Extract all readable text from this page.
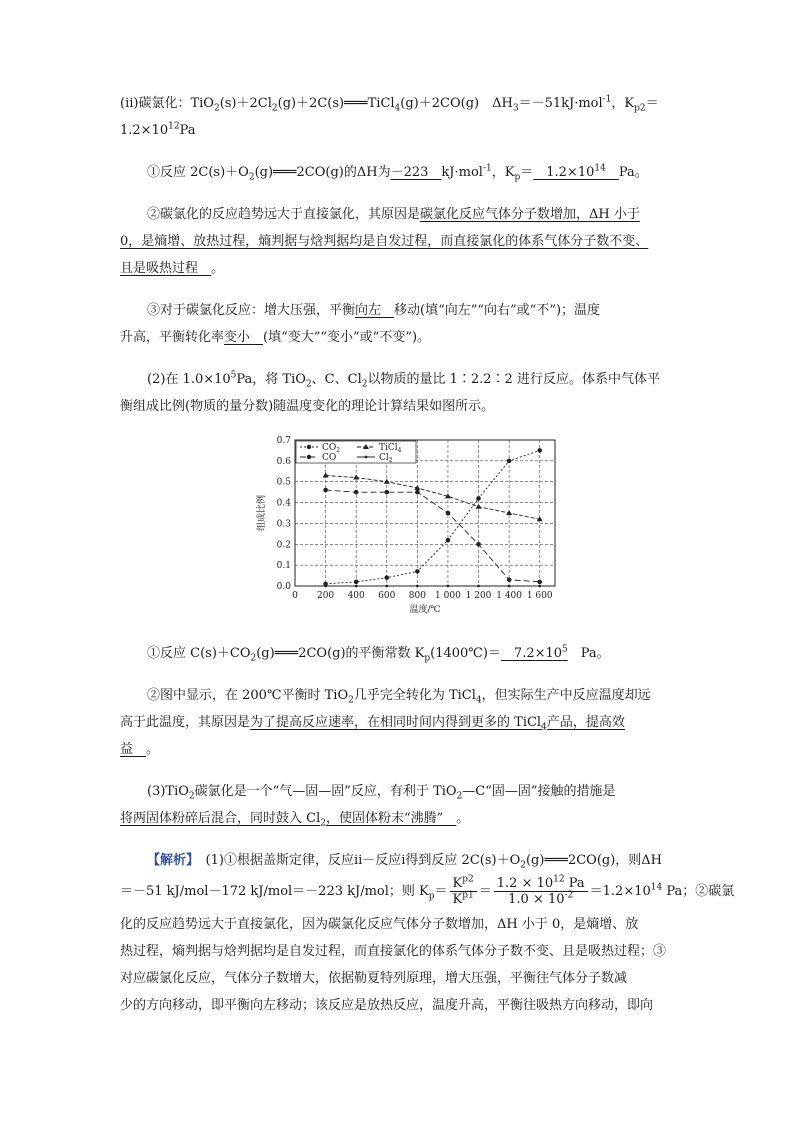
(ⅱ)碳氯化：$TiO_2(s)+2Cl_2(g)+2C(s)═══TiCl_4(g)+2CO(g)$　$\Delta H_3=-51kJ\cdot mol^{-1}$，$K_{p2}=$
$1.2\times 10^{12}Pa$
①反应 $2C(s)+O_2(g)═══2CO(g)$的ΔH为－223　kJ·mol$^{-1}$，$K_p=$　$1.2\times 10^{14}$　 Pa。
②碳氯化的反应趋势远大于直接氯化，其原因是碳氯化反应气体分子数增加，ΔH 小于
0，是熵增、放热过程，熵判据与焓判据均是自发过程，而直接氯化的体系气体分子数不变、
且是吸热过程　。
③对于碳氯化反应：增大压强，平衡向左　移动(填“向左”“向右”或“不”)；温度
升高，平衡转化率变小　(填“变大”“变小”或“不变”)。
(2)在 $1.0\times 10^5Pa$，将 TiO$_2$、C、$Cl_2$以物质的量比 1∶2.2∶2 进行反应。体系中气体平
衡组成比例(物质的量分数)随温度变化的理论计算结果如图所示。
0 200 400 600 800 1 000 1 200 1 400 1 600
0.0
0.1
0.2
0.3
0.4
0.5
0.6
0.7
温度/℃
组成比例
$CO_2$	TiCl$_4$
CO	$Cl_2$
①反应 $C(s)+CO_2(g)═══2CO(g)$的平衡常数 $K_p(1400℃)=$　$7.2\times 10^5$　Pa。
②图中显示，在 200℃平衡时 TiO$_2$几乎完全转化为 TiCl$_4$，但实际生产中反应温度却远
高于此温度，其原因是为了提高反应速率，在相同时间内得到更多的 TiCl$_4$产品，提高效
益　。
(3)TiO$_2$碳氯化是一个“气—固—固”反应，有利于 TiO$_2$—C“固—固”接触的措施是
将两固体粉碎后混合，同时鼓入 $Cl_2$，使固体粉末“沸腾”　。
【解析】　 (1)①根据盖斯定律，反应ⅱ－反应ⅰ得到反应 $2C(s)+O_2(g)═══2CO(g)$，则ΔH
＝－51 kJ/mol－172 kJ/mol＝－223 kJ/mol；则 $K_p= \frac{K^{p2}}{K^{p1}} = \frac{1.2 \times 10^{12} Pa}{1.0 \times 10^{-2}} =1.2\times 10^{14}$ Pa；②碳氯
化的反应趋势远大于直接氯化，因为碳氯化反应气体分子数增加，ΔH 小于 0，是熵增、放
热过程，熵判据与焓判据均是自发过程，而直接氯化的体系气体分子数不变、且是吸热过程；③
对应碳氯化反应，气体分子数增大，依据勒夏特列原理，增大压强，平衡往气体分子数减
少的方向移动，即平衡向左移动；该反应是放热反应，温度升高，平衡往吸热方向移动，即向
